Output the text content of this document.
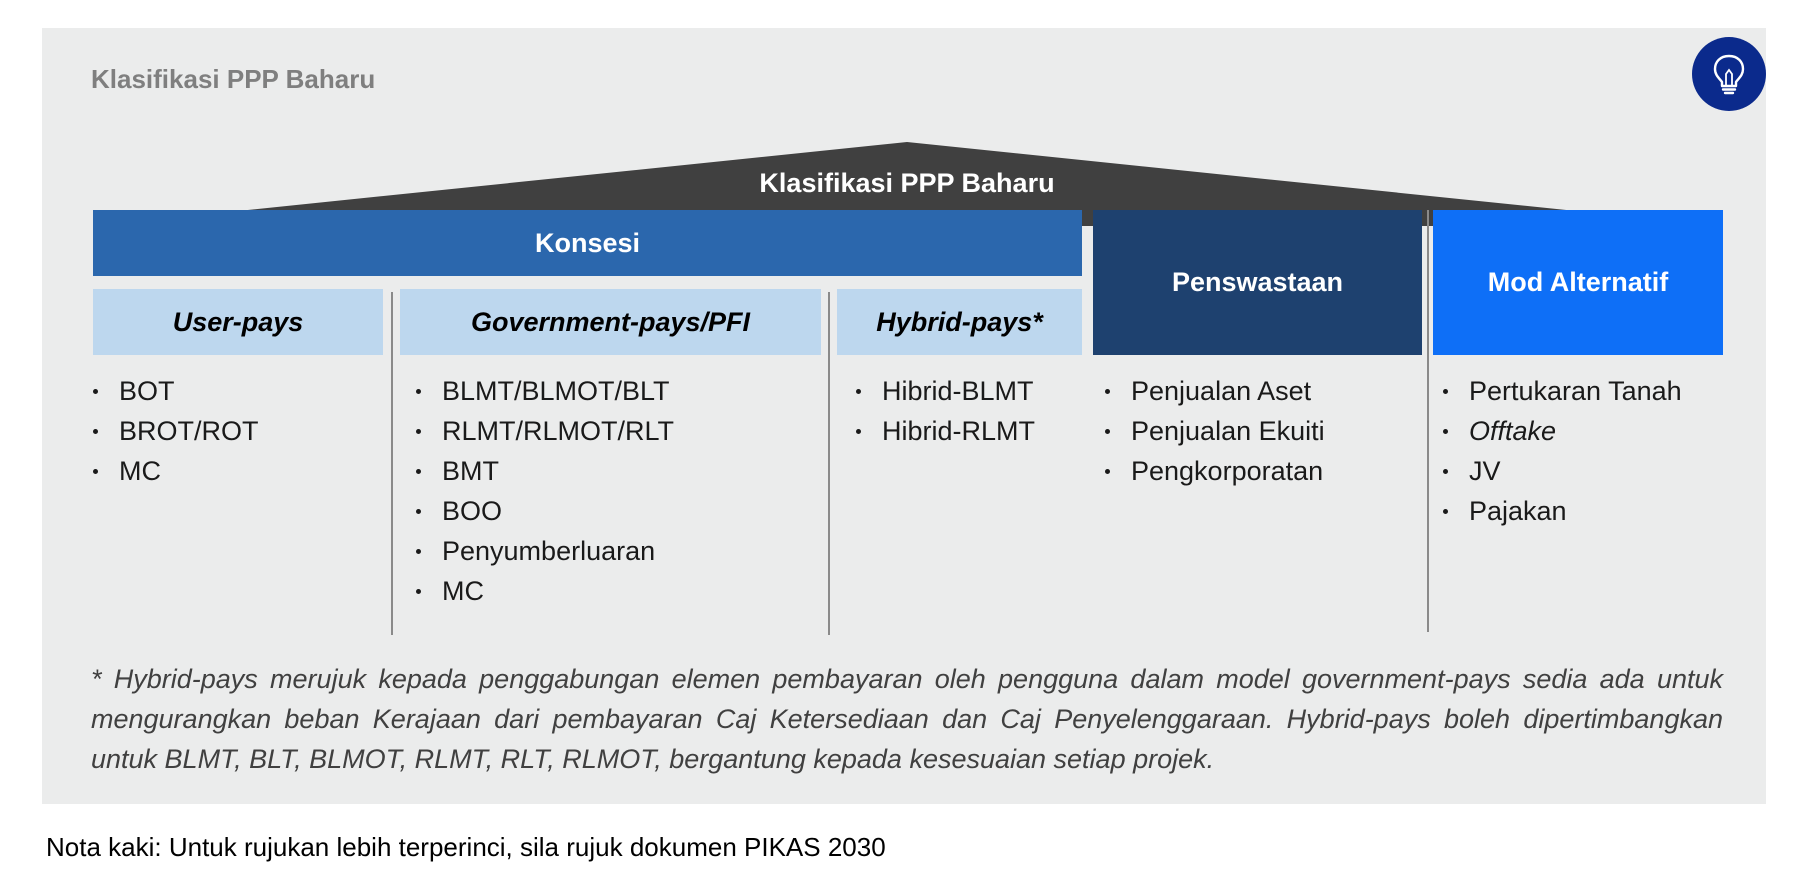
Klasifikasi PPP Baharu
Klasifikasi PPP Baharu
Konsesi
Penswastaan	Mod Alternatif
User-pays	Government-pays/PFI	Hybrid-pays*
BOT
BROT/ROT
MC
BLMT/BLMOT/BLT
RLMT/RLMOT/RLT
BMT
BOO
Penyumberluaran
MC
Hibrid-BLMT
Hibrid-RLMT
Penjualan Aset
Penjualan Ekuiti
Pengkorporatan
Pertukaran Tanah
Offtake
JV
Pajakan
* Hybrid-pays merujuk kepada penggabungan elemen pembayaran oleh pengguna dalam model government-pays sedia ada untuk mengurangkan beban Kerajaan dari pembayaran Caj Ketersediaan dan Caj Penyelenggaraan. Hybrid-pays boleh dipertimbangkan untuk BLMT, BLT, BLMOT, RLMT, RLT, RLMOT, bergantung kepada kesesuaian setiap projek.
Nota kaki: Untuk rujukan lebih terperinci, sila rujuk dokumen PIKAS 2030
